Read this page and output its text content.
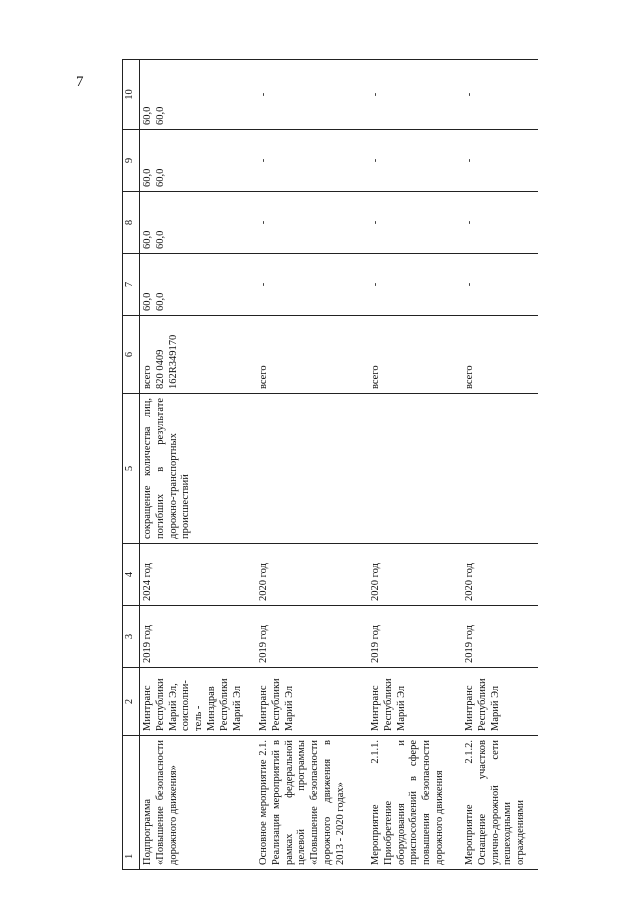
7
1	2	3	4	5	6	7	8	9	10
Подпрограмма «Повышение безопасности дорожного движения»	Минтранс Республики Марий Эл, соисполни-тель - Минздрав Республики Марий Эл	2019 год	2024 год	сокращение количества лиц, погибших в результате дорожно-транспортных происшествий	всего 820 0409 162R349170	60,0 60,0	60,0 60,0	60,0 60,0	60,0 60,0

Основное мероприятие 2.1. Реализация мероприятий в рамках федеральной целевой программы «Повышение безопасности дорожного движения в 2013 - 2020 годах»	Минтранс Республики Марий Эл	2019 год	2020 год		всего	-	-	-	-
Мероприятие 2.1.1. Приобретение оборудования и приспособлений в сфере повышения безопасности дорожного движения	Минтранс Республики Марий Эл	2019 год	2020 год		всего	-	-	-	-
Мероприятие 2.1.2. Оснащение участков улично-дорожной сети пешеходными ограждениями	Минтранс Республики Марий Эл	2019 год	2020 год		всего	-	-	-	-
